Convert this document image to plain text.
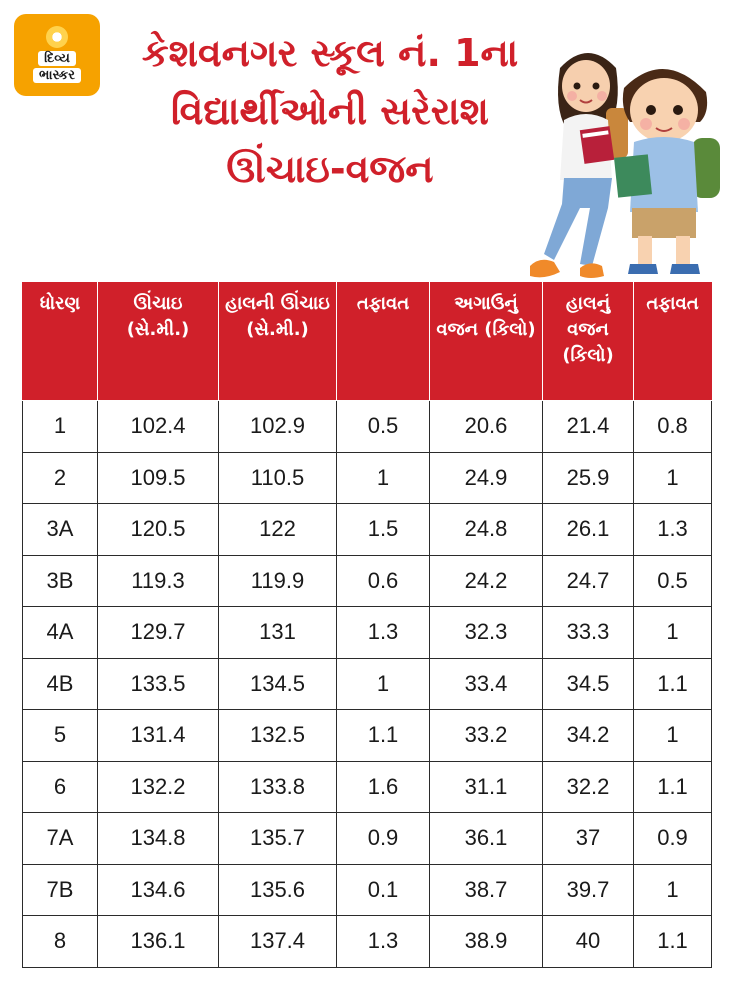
દિવ્ય
ભાસ્કર
કેશવનગર સ્કૂલ નં. 1ના
વિદ્યાર્થીઓની સરેરાશ
ઊંચાઇ-વજન
ધોરણ	ઊંચાઇ (સે.મી.)	હાલની ઊંચાઇ (સે.મી.)	તફાવત	અગાઉનું વજન (કિલો)	હાલનું વજન (કિલો)	તફાવત
1	102.4	102.9	0.5	20.6	21.4	0.8
2	109.5	110.5	1	24.9	25.9	1
3A	120.5	122	1.5	24.8	26.1	1.3
3B	119.3	119.9	0.6	24.2	24.7	0.5
4A	129.7	131	1.3	32.3	33.3	1
4B	133.5	134.5	1	33.4	34.5	1.1
5	131.4	132.5	1.1	33.2	34.2	1
6	132.2	133.8	1.6	31.1	32.2	1.1
7A	134.8	135.7	0.9	36.1	37	0.9
7B	134.6	135.6	0.1	38.7	39.7	1
8	136.1	137.4	1.3	38.9	40	1.1
